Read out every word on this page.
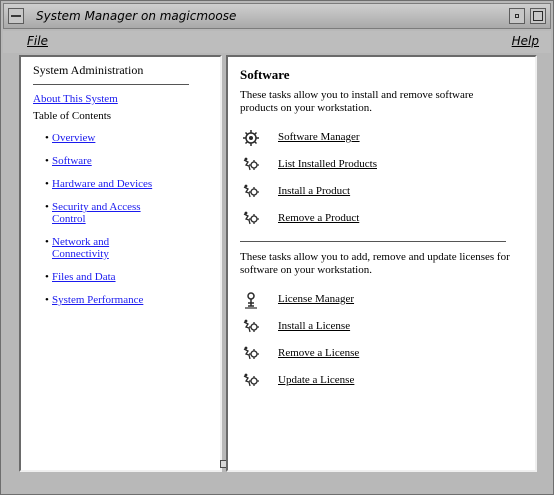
System Manager on magicmoose
File	Help
System Administration
About This System
Table of Contents
• Overview
• Software
• Hardware and Devices
• Security and Access
Control
• Network and
Connectivity
• Files and Data
• System Performance
Software
These tasks allow you to install and remove software products on your workstation.
Software Manager
List Installed Products
Install a Product
Remove a Product
These tasks allow you to add, remove and update licenses for software on your workstation.
License Manager
Install a License
Remove a License
Update a License
